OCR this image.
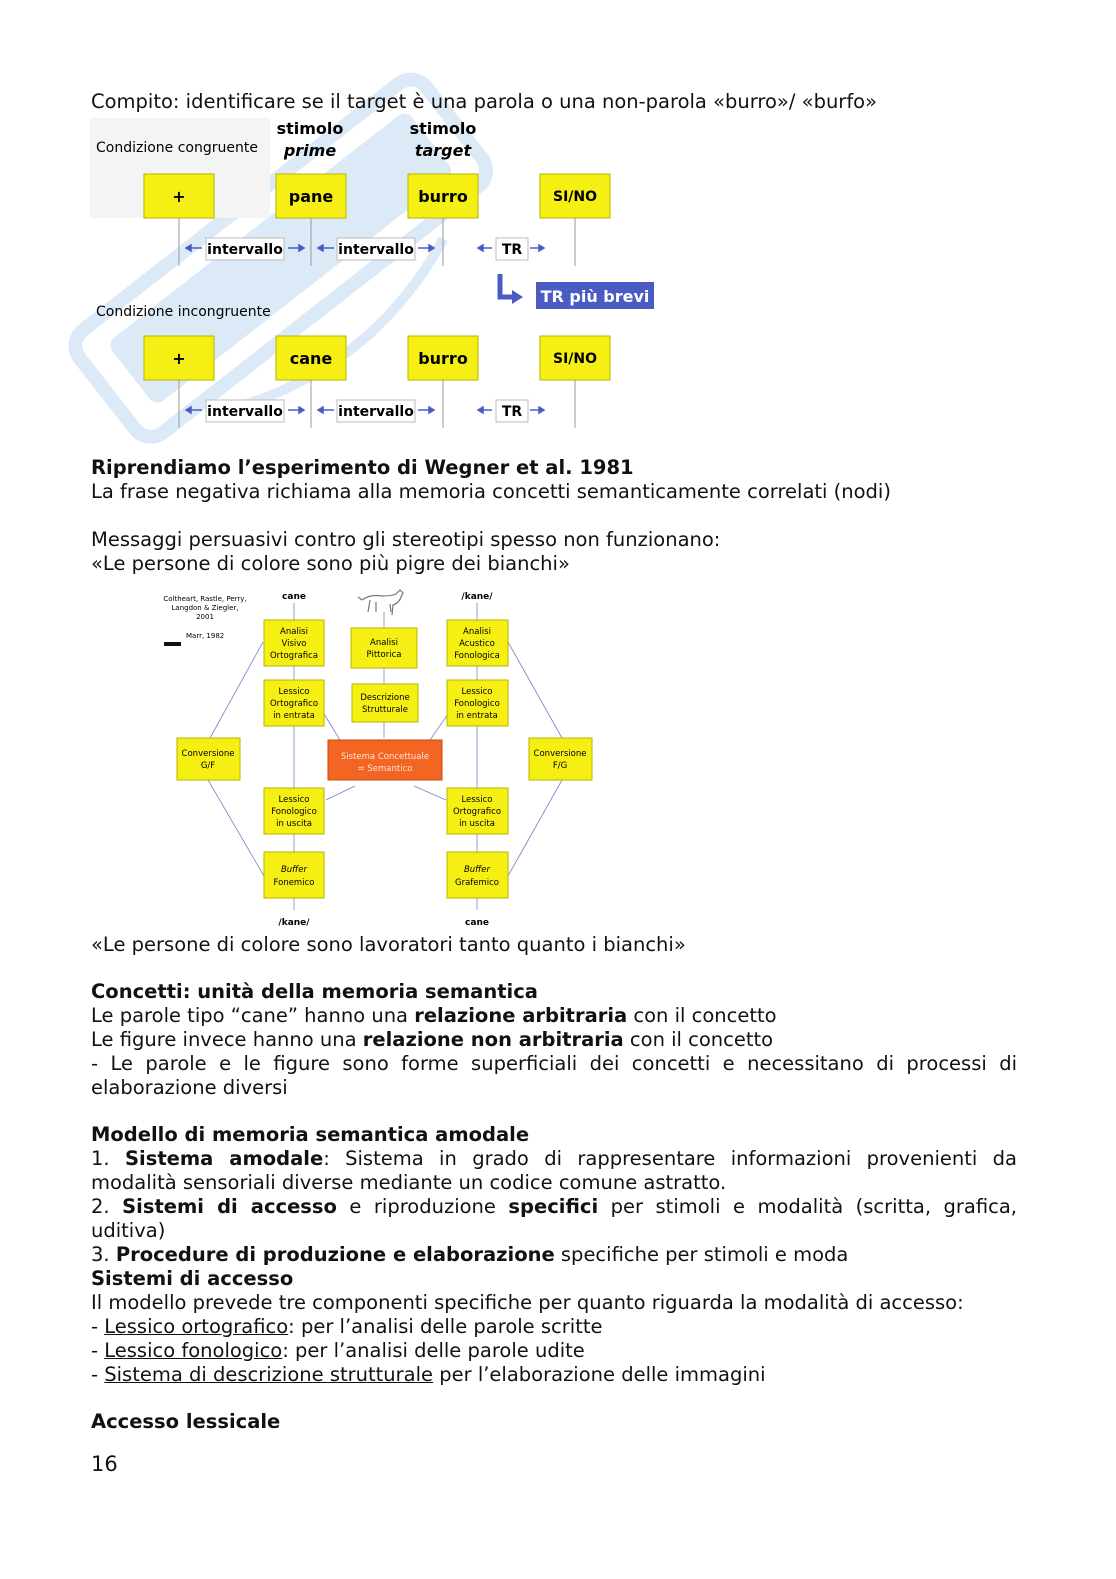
Compito: identificare se il target è una parola o una non-parola «burro»/ «burfo»
stimolo
prime
stimolo
target
Condizione congruente
+	pane	burro	SI/NO
intervallo	intervallo	TR
TR più brevi
Condizione incongruente
+	cane	burro	SI/NO
intervallo	intervallo	TR
Riprendiamo l’esperimento di Wegner et al. 1981
La frase negativa richiama alla memoria concetti semanticamente correlati (nodi)
Messaggi persuasivi contro gli stereotipi spesso non funzionano:
«Le persone di colore sono più pigre dei bianchi»
Coltheart, Rastle, Perry,
Langdon & Ziegler,
2001
Marr, 1982
cane	/kane/
Analisi
Visivo
Ortografica
Analisi
Pittorica
Analisi
Acustico
Fonologica
Lessico
Ortografico
in entrata
Descrizione
Strutturale
Lessico
Fonologico
in entrata
Conversione
G/F
Sistema Concettuale
= Semantico
Conversione
F/G
Lessico
Fonologico
in uscita
Lessico
Ortografico
in uscita
Buffer
Fonemico
Buffer
Grafemico
/kane/	cane
«Le persone di colore sono lavoratori tanto quanto i bianchi»
Concetti: unità della memoria semantica
Le parole tipo “cane” hanno una relazione arbitraria con il concetto
Le figure invece hanno una relazione non arbitraria con il concetto
- Le parole e le figure sono forme superficiali dei concetti e necessitano di processi di elaborazione diversi
Modello di memoria semantica amodale
1. Sistema amodale: Sistema in grado di rappresentare informazioni provenienti da modalità sensoriali diverse mediante un codice comune astratto.
2. Sistemi di accesso e riproduzione specifici per stimoli e modalità (scritta, grafica, uditiva)
3. Procedure di produzione e elaborazione specifiche per stimoli e moda
Sistemi di accesso
Il modello prevede tre componenti specifiche per quanto riguarda la modalità di accesso:
- Lessico ortografico: per l’analisi delle parole scritte
- Lessico fonologico: per l’analisi delle parole udite
- Sistema di descrizione strutturale per l’elaborazione delle immagini
Accesso lessicale
16
